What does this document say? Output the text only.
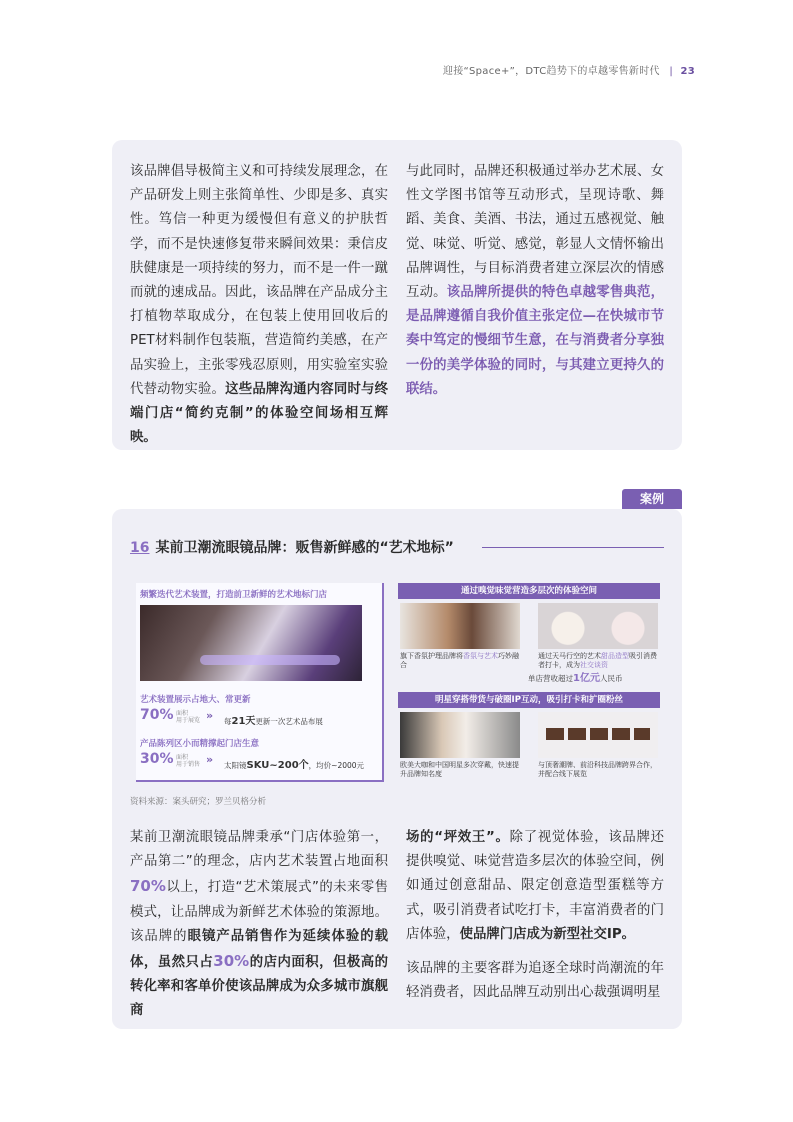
迎接“Space+”，DTC趋势下的卓越零售新时代 | 23
该品牌倡导极简主义和可持续发展理念，在产品研发上则主张简单性、少即是多、真实性。笃信一种更为缓慢但有意义的护肤哲学，而不是快速修复带来瞬间效果：秉信皮肤健康是一项持续的努力，而不是一件一蹴而就的速成品。因此，该品牌在产品成分主打植物萃取成分，在包装上使用回收后的PET材料制作包装瓶，营造简约美感，在产品实验上，主张零残忍原则，用实验室实验代替动物实验。这些品牌沟通内容同时与终端门店“简约克制”的体验空间场相互辉映。
与此同时，品牌还积极通过举办艺术展、女性文学图书馆等互动形式，呈现诗歌、舞蹈、美食、美酒、书法，通过五感视觉、触觉、味觉、听觉、感觉，彰显人文情怀输出品牌调性，与目标消费者建立深层次的情感互动。该品牌所提供的特色卓越零售典范，是品牌遵循自我价值主张定位—在快城市节奏中笃定的慢细节生意，在与消费者分享独一份的美学体验的同时，与其建立更持久的联结。
案例
16 某前卫潮流眼镜品牌：贩售新鲜感的“艺术地标”
频繁迭代艺术装置，打造前卫新鲜的艺术地标门店
艺术装置展示占地大、常更新
70% 面积
用于展览 » 每21天更新一次艺术品布展
产品陈列区小而精撑起门店生意
30% 面积
用于销售 » 太阳镜SKU~200个，均价~2000元
通过嗅觉味觉营造多层次的体验空间
旗下香氛护理品牌将香氛与艺术巧妙融合
通过天马行空的艺术甜品造型吸引消费者打卡，成为社交谈资
单店营收超过1亿元人民币
明星穿搭带货与破圈IP互动，吸引打卡和扩圈粉丝
欧美大咖和中国明星多次穿戴，快速提升品牌知名度
与顶奢潮牌、前沿科技品牌跨界合作，并配合线下展览
资料来源：案头研究；罗兰贝格分析
某前卫潮流眼镜品牌秉承“门店体验第一，产品第二”的理念，店内艺术装置占地面积70%以上，打造“艺术策展式”的未来零售模式，让品牌成为新鲜艺术体验的策源地。该品牌的眼镜产品销售作为延续体验的载体，虽然只占30%的店内面积，但极高的转化率和客单价使该品牌成为众多城市旗舰商
场的“坪效王”。除了视觉体验，该品牌还提供嗅觉、味觉营造多层次的体验空间，例如通过创意甜品、限定创意造型蛋糕等方式，吸引消费者试吃打卡，丰富消费者的门店体验，使品牌门店成为新型社交IP。
该品牌的主要客群为追逐全球时尚潮流的年轻消费者，因此品牌互动别出心裁强调明星
